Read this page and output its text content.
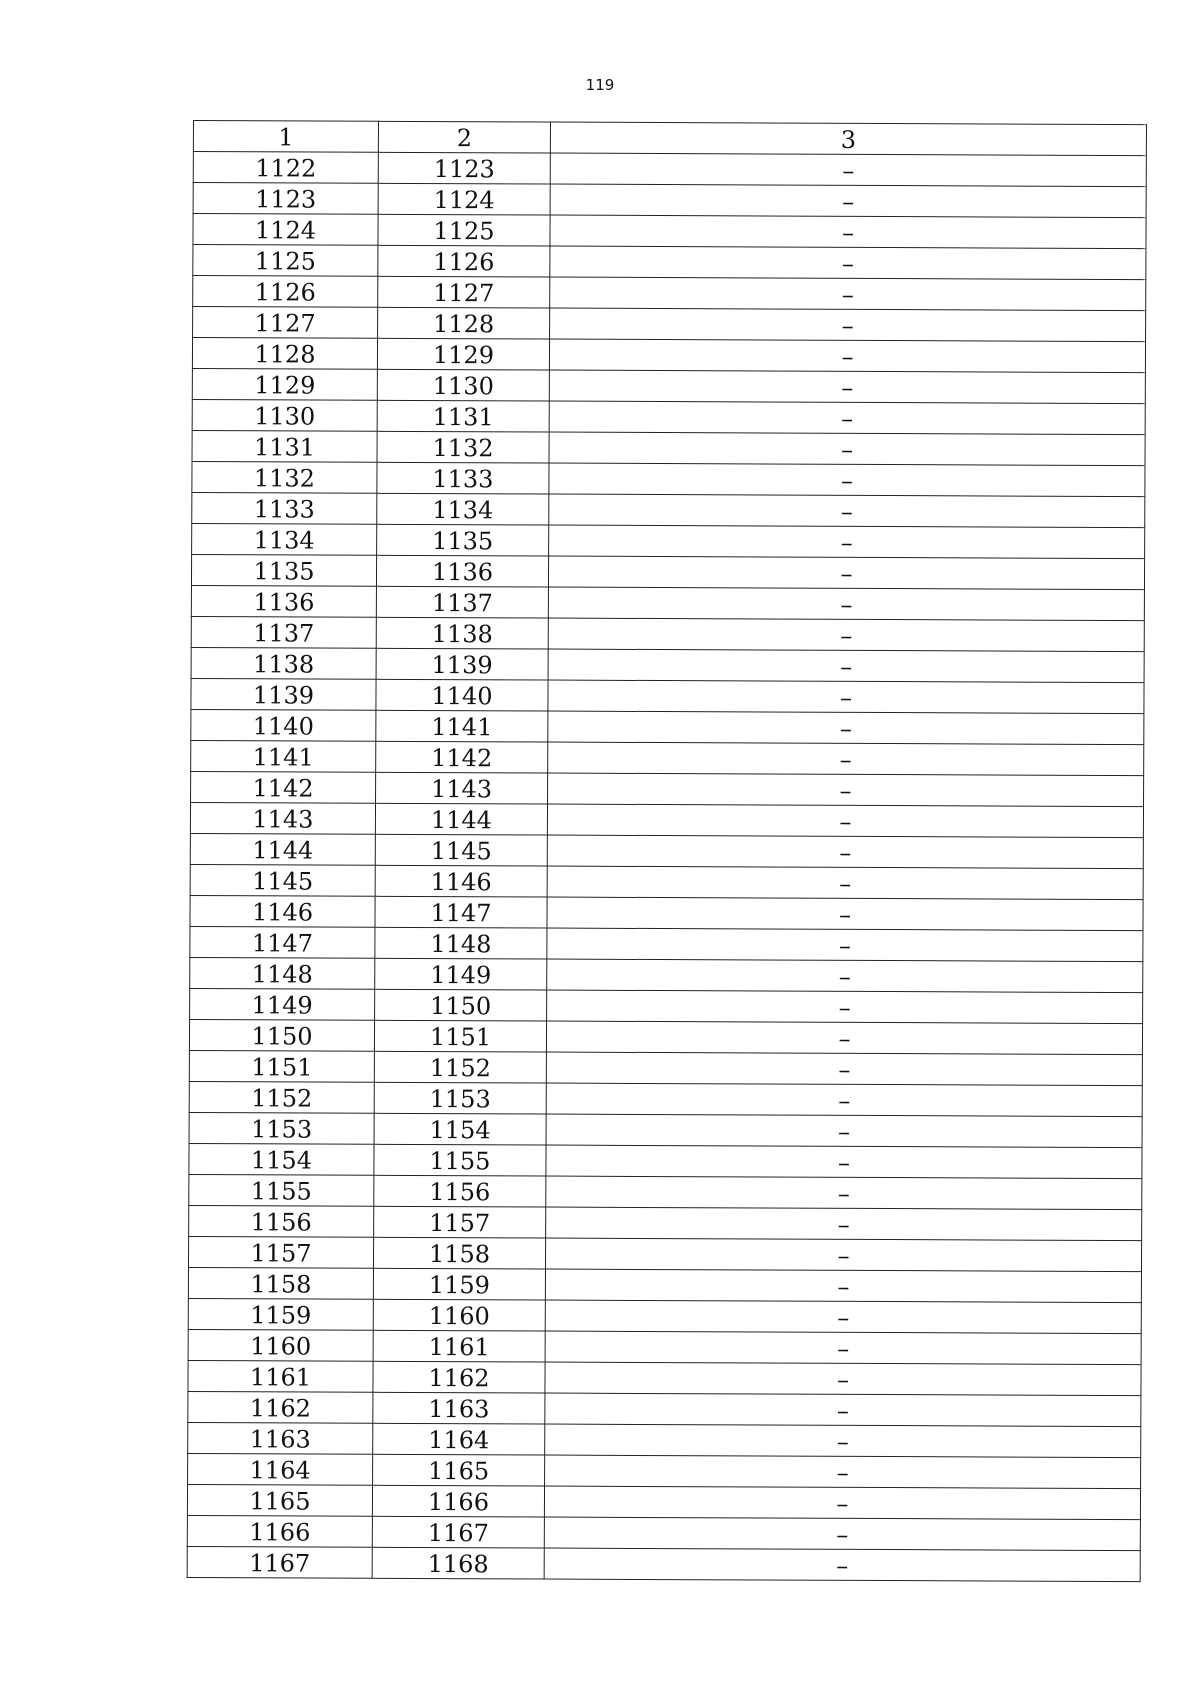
119
1	2	3
1122	1123	–
1123	1124	–
1124	1125	–
1125	1126	–
1126	1127	–
1127	1128	–
1128	1129	–
1129	1130	–
1130	1131	–
1131	1132	–
1132	1133	–
1133	1134	–
1134	1135	–
1135	1136	–
1136	1137	–
1137	1138	–
1138	1139	–
1139	1140	–
1140	1141	–
1141	1142	–
1142	1143	–
1143	1144	–
1144	1145	–
1145	1146	–
1146	1147	–
1147	1148	–
1148	1149	–
1149	1150	–
1150	1151	–
1151	1152	–
1152	1153	–
1153	1154	–
1154	1155	–
1155	1156	–
1156	1157	–
1157	1158	–
1158	1159	–
1159	1160	–
1160	1161	–
1161	1162	–
1162	1163	–
1163	1164	–
1164	1165	–
1165	1166	–
1166	1167	–
1167	1168	–
